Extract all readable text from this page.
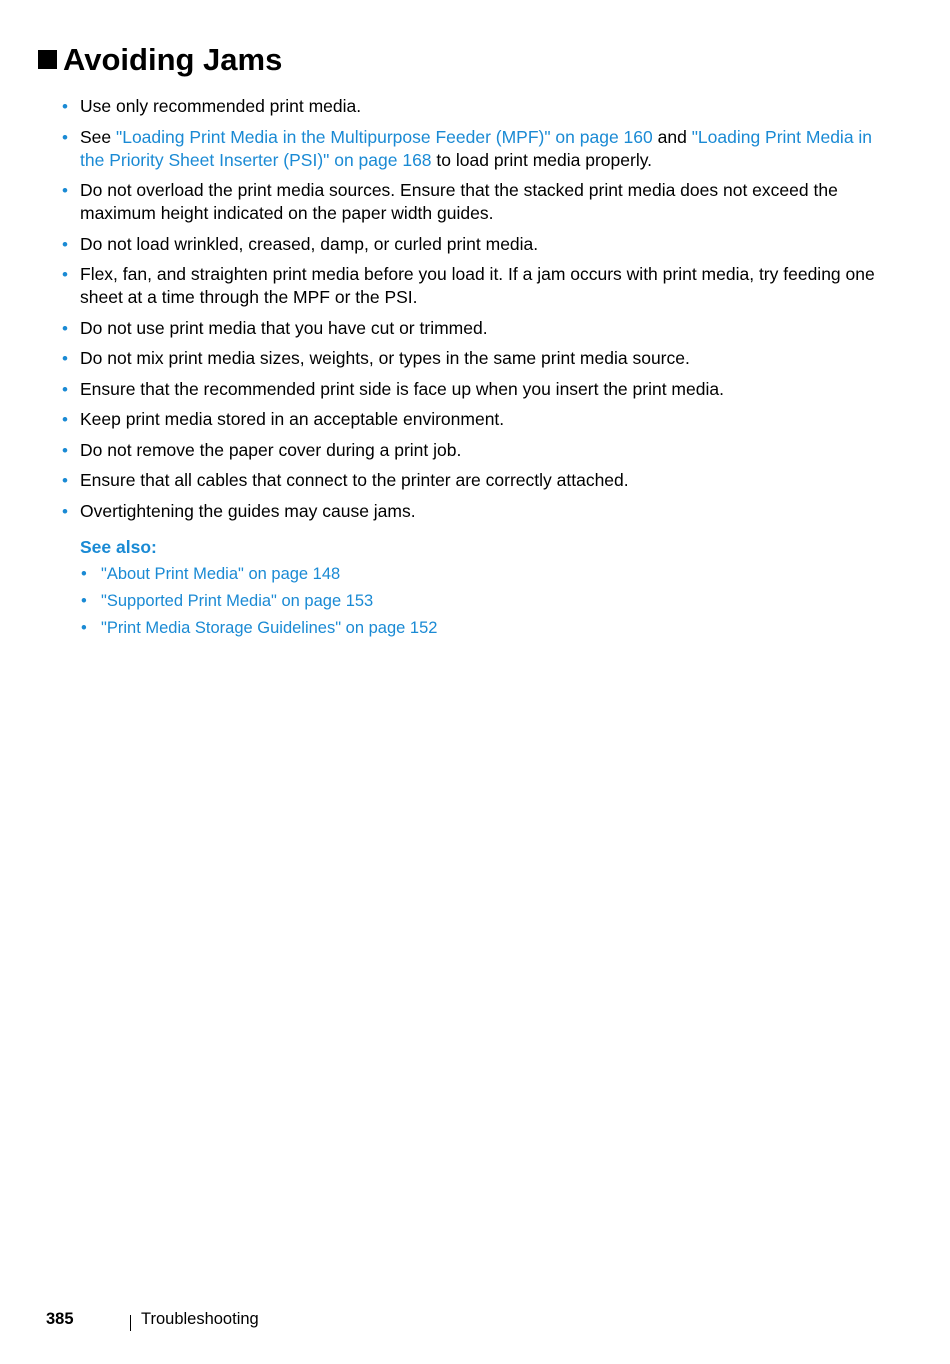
Avoiding Jams
• Use only recommended print media.
• See "Loading Print Media in the Multipurpose Feeder (MPF)" on page 160 and "Loading Print Media in the Priority Sheet Inserter (PSI)" on page 168 to load print media properly.
• Do not overload the print media sources. Ensure that the stacked print media does not exceed the maximum height indicated on the paper width guides.
• Do not load wrinkled, creased, damp, or curled print media.
• Flex, fan, and straighten print media before you load it. If a jam occurs with print media, try feeding one sheet at a time through the MPF or the PSI.
• Do not use print media that you have cut or trimmed.
• Do not mix print media sizes, weights, or types in the same print media source.
• Ensure that the recommended print side is face up when you insert the print media.
• Keep print media stored in an acceptable environment.
• Do not remove the paper cover during a print job.
• Ensure that all cables that connect to the printer are correctly attached.
• Overtightening the guides may cause jams.
See also:
• "About Print Media" on page 148
• "Supported Print Media" on page 153
• "Print Media Storage Guidelines" on page 152
385	Troubleshooting
